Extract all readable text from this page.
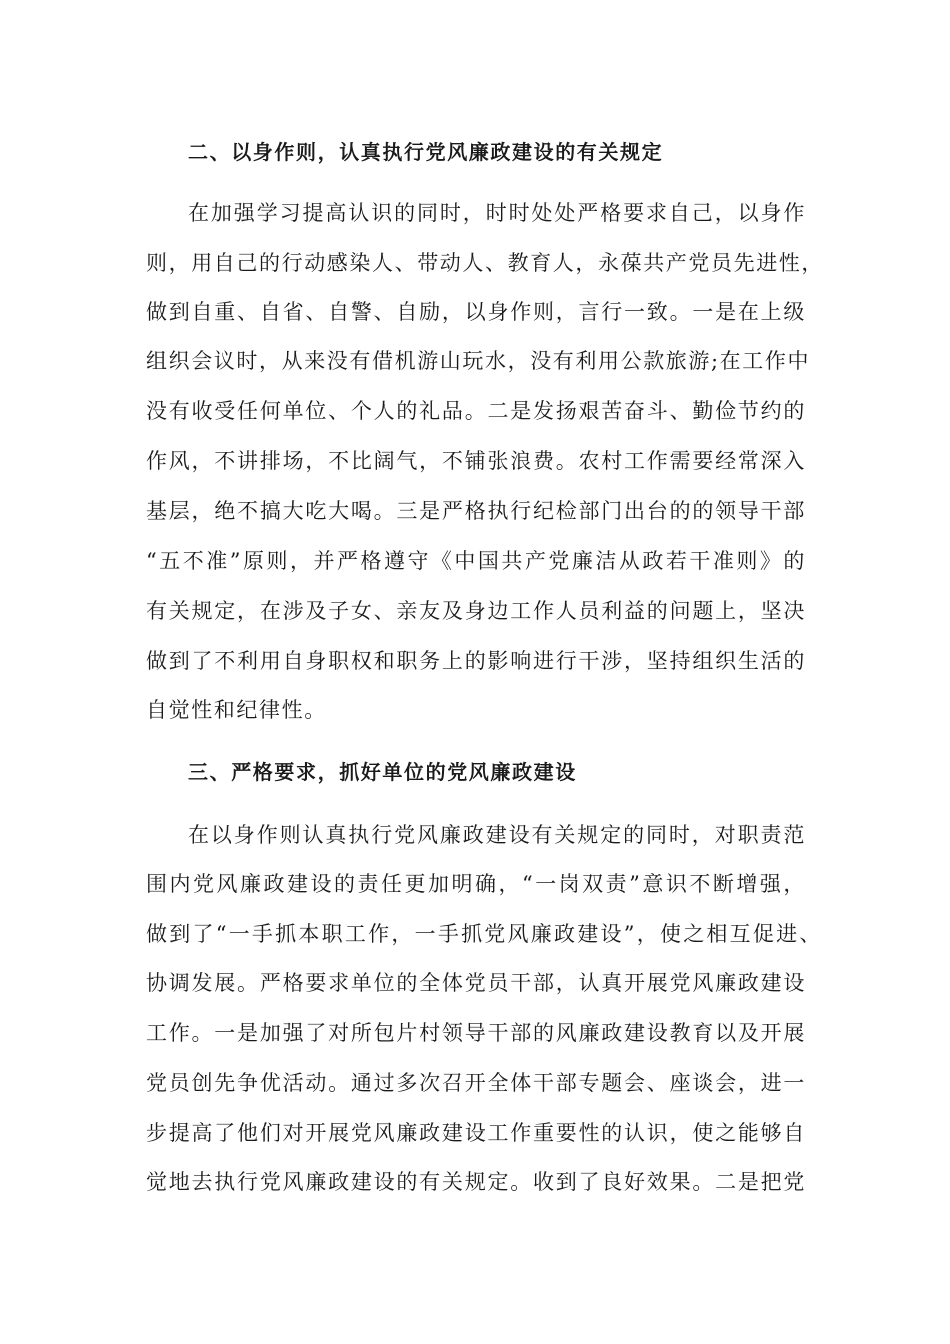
二、以身作则，认真执行党风廉政建设的有关规定
在加强学习提高认识的同时，时时处处严格要求自己，以身作
则，用自己的行动感染人、带动人、教育人，永葆共产党员先进性，
做到自重、自省、自警、自励，以身作则，言行一致。一是在上级
组织会议时，从来没有借机游山玩水，没有利用公款旅游;在工作中
没有收受任何单位、个人的礼品。二是发扬艰苦奋斗、勤俭节约的
作风，不讲排场，不比阔气，不铺张浪费。农村工作需要经常深入
基层，绝不搞大吃大喝。三是严格执行纪检部门出台的的领导干部
“五不准”原则，并严格遵守《中国共产党廉洁从政若干准则》的
有关规定，在涉及子女、亲友及身边工作人员利益的问题上，坚决
做到了不利用自身职权和职务上的影响进行干涉，坚持组织生活的
自觉性和纪律性。
三、严格要求，抓好单位的党风廉政建设
在以身作则认真执行党风廉政建设有关规定的同时，对职责范
围内党风廉政建设的责任更加明确，“一岗双责”意识不断增强，
做到了“一手抓本职工作，一手抓党风廉政建设”，使之相互促进、
协调发展。严格要求单位的全体党员干部，认真开展党风廉政建设
工作。一是加强了对所包片村领导干部的风廉政建设教育以及开展
党员创先争优活动。通过多次召开全体干部专题会、座谈会，进一
步提高了他们对开展党风廉政建设工作重要性的认识，使之能够自
觉地去执行党风廉政建设的有关规定。收到了良好效果。二是把党
